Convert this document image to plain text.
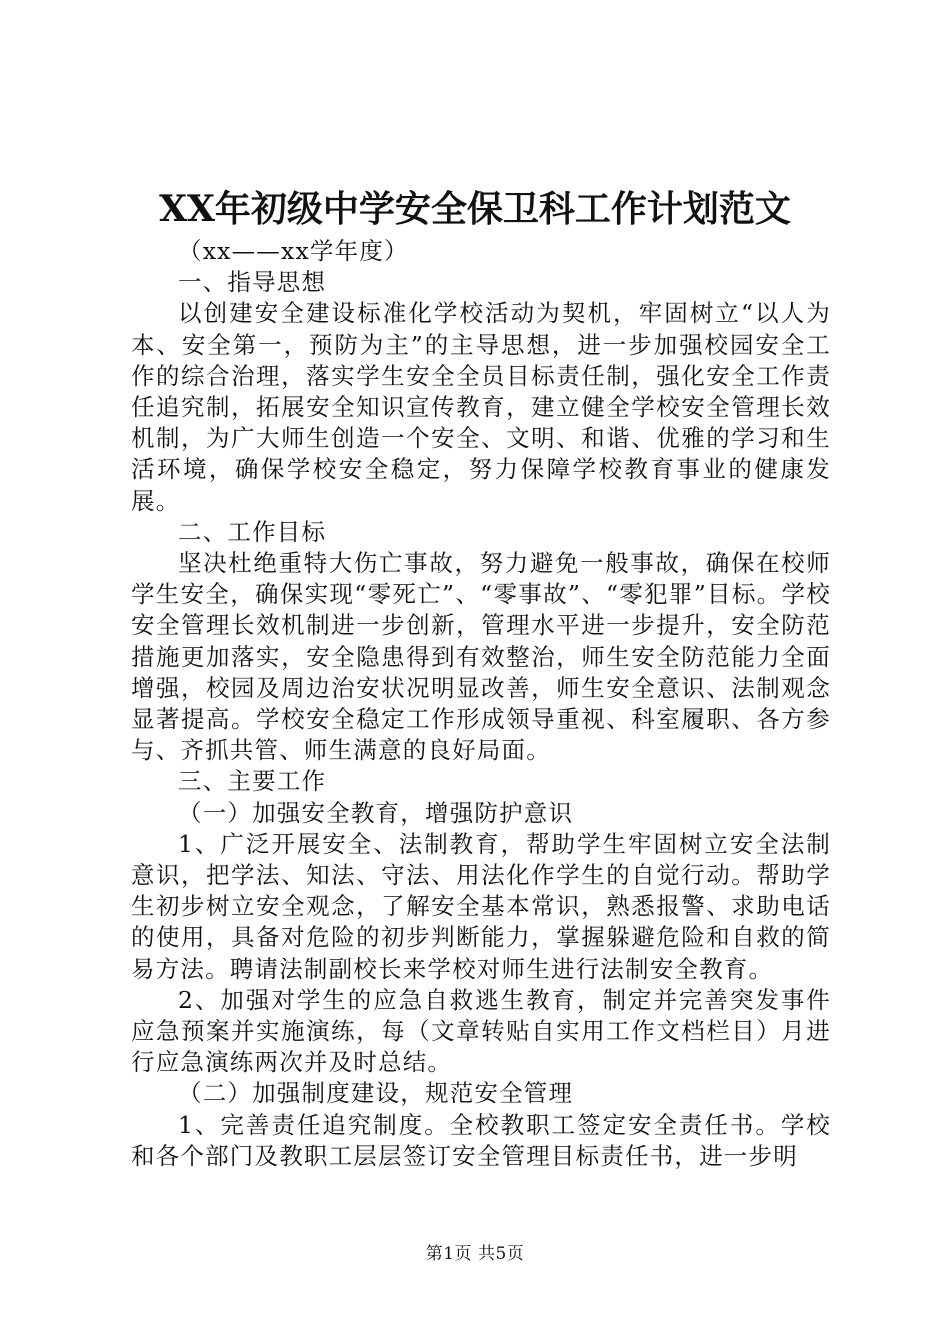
XX年初级中学安全保卫科工作计划范文

（xx——xx学年度）

一、指导思想

以创建安全建设标准化学校活动为契机，牢固树立“以人为本、安全第一，预防为主”的主导思想，进一步加强校园安全工作的综合治理，落实学生安全全员目标责任制，强化安全工作责任追究制，拓展安全知识宣传教育，建立健全学校安全管理长效机制，为广大师生创造一个安全、文明、和谐、优雅的学习和生活环境，确保学校安全稳定，努力保障学校教育事业的健康发展。

二、工作目标

坚决杜绝重特大伤亡事故，努力避免一般事故，确保在校师学生安全，确保实现“零死亡”、“零事故”、“零犯罪”目标。学校安全管理长效机制进一步创新，管理水平进一步提升，安全防范措施更加落实，安全隐患得到有效整治，师生安全防范能力全面增强，校园及周边治安状况明显改善，师生安全意识、法制观念显著提高。学校安全稳定工作形成领导重视、科室履职、各方参与、齐抓共管、师生满意的良好局面。

三、主要工作

（一）加强安全教育，增强防护意识

1、广泛开展安全、法制教育，帮助学生牢固树立安全法制意识，把学法、知法、守法、用法化作学生的自觉行动。帮助学生初步树立安全观念，了解安全基本常识，熟悉报警、求助电话的使用，具备对危险的初步判断能力，掌握躲避危险和自救的简易方法。聘请法制副校长来学校对师生进行法制安全教育。

2、加强对学生的应急自救逃生教育，制定并完善突发事件应急预案并实施演练，每（文章转贴自实用工作文档栏目）月进行应急演练两次并及时总结。

（二）加强制度建设，规范安全管理

1、完善责任追究制度。全校教职工签定安全责任书。学校和各个部门及教职工层层签订安全管理目标责任书，进一步明

第1页 共5页
